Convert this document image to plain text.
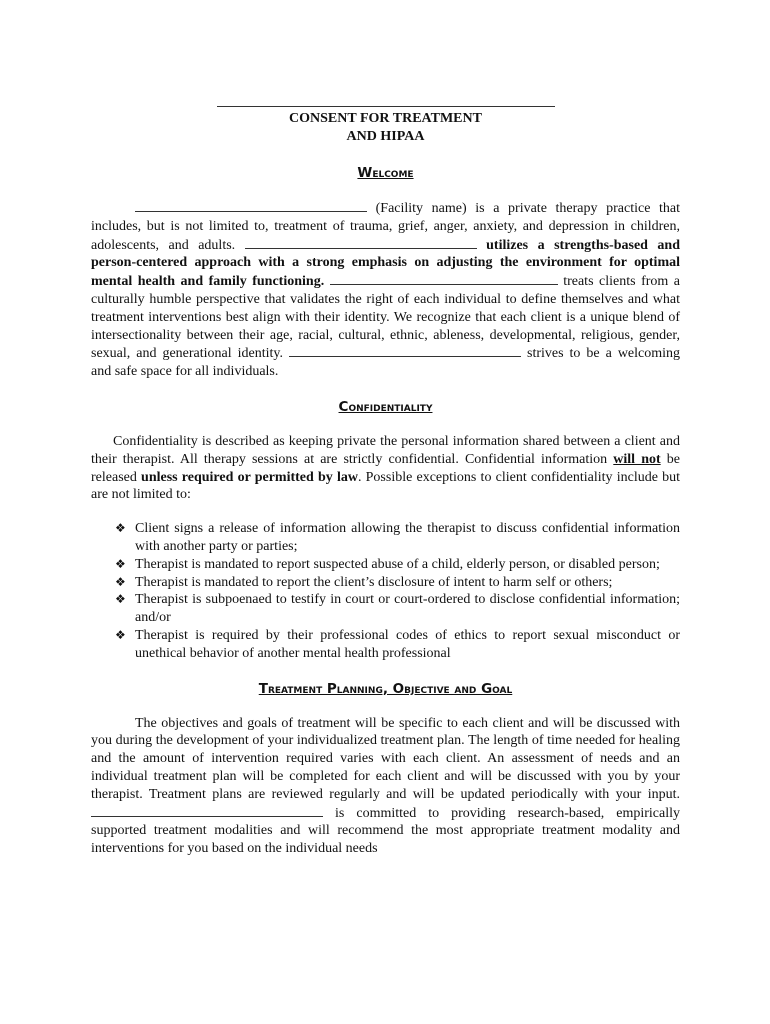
CONSENT FOR TREATMENT
AND HIPAA
Welcome

(Facility name) is a private therapy practice that includes, but is not limited to, treatment of trauma, grief, anger, anxiety, and depression in children, adolescents, and adults.	utilizes a strengths-based and person-centered approach with a strong emphasis on adjusting the environment for optimal mental health and family functioning.	treats clients from a culturally humble perspective that validates the right of each individual to define themselves and what treatment interventions best align with their identity. We recognize that each client is a unique blend of intersectionality between their age, racial, cultural, ethnic, ableness, developmental, religious, gender, sexual, and generational identity.	strives to be a welcoming and safe space for all individuals.

Confidentiality

Confidentiality is described as keeping private the personal information shared between a client and their therapist. All therapy sessions at are strictly confidential. Confidential information will not be released unless required or permitted by law. Possible exceptions to client confidentiality include but are not limited to:

❖ Client signs a release of information allowing the therapist to discuss confidential information with another party or parties;
❖ Therapist is mandated to report suspected abuse of a child, elderly person, or disabled person;
❖ Therapist is mandated to report the client’s disclosure of intent to harm self or others;
❖ Therapist is subpoenaed to testify in court or court-ordered to disclose confidential information; and/or
❖ Therapist is required by their professional codes of ethics to report sexual misconduct or unethical behavior of another mental health professional
Treatment Planning, Objective and Goal

The objectives and goals of treatment will be specific to each client and will be discussed with you during the development of your individualized treatment plan. The length of time needed for healing and the amount of intervention required varies with each client. An assessment of needs and an individual treatment plan will be completed for each client and will be discussed with you by your therapist. Treatment plans are reviewed regularly and will be updated periodically with your input.  is committed to providing research-based, empirically supported treatment modalities and will recommend the most appropriate treatment modality and interventions for you based on the individual needs
